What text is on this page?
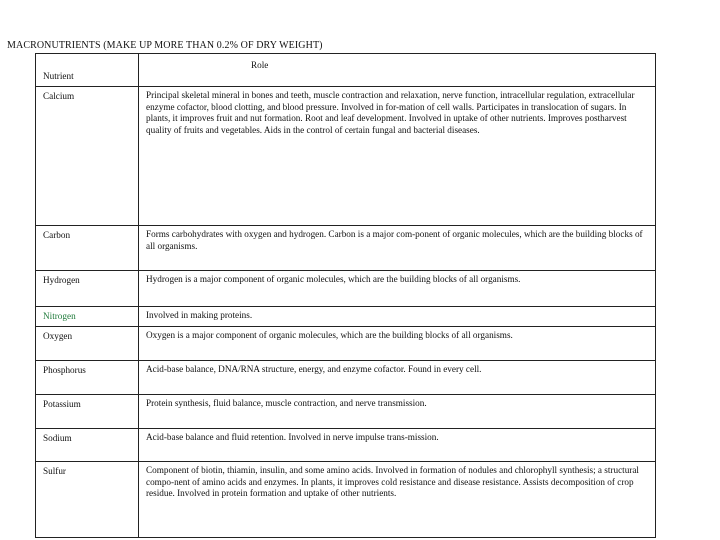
MACRONUTRIENTS (MAKE UP MORE THAN 0.2% OF DRY WEIGHT)
Nutrient	Role
Calcium	Principal skeletal mineral in bones and teeth, muscle contraction and relaxation, nerve function, intracellular regulation, extracellular enzyme cofactor, blood clotting, and blood pressure. Involved in for-mation of cell walls. Participates in translocation of sugars. In plants, it improves fruit and nut formation. Root and leaf development. Involved in uptake of other nutrients. Improves postharvest quality of fruits and vegetables. Aids in the control of certain fungal and bacterial diseases.
Carbon	Forms carbohydrates with oxygen and hydrogen. Carbon is a major com-ponent of organic molecules, which are the building blocks of all organisms.
Hydrogen	Hydrogen is a major component of organic molecules, which are the building blocks of all organisms.
Nitrogen	Involved in making proteins.
Oxygen	Oxygen is a major component of organic molecules, which are the building blocks of all organisms.
Phosphorus	Acid-base balance, DNA/RNA structure, energy, and enzyme cofactor. Found in every cell.
Potassium	Protein synthesis, fluid balance, muscle contraction, and nerve transmission.
Sodium	Acid-base balance and fluid retention. Involved in nerve impulse trans-mission.
Sulfur	Component of biotin, thiamin, insulin, and some amino acids. Involved in formation of nodules and chlorophyll synthesis; a structural compo-nent of amino acids and enzymes. In plants, it improves cold resistance and disease resistance. Assists decomposition of crop residue. Involved in protein formation and uptake of other nutrients.
